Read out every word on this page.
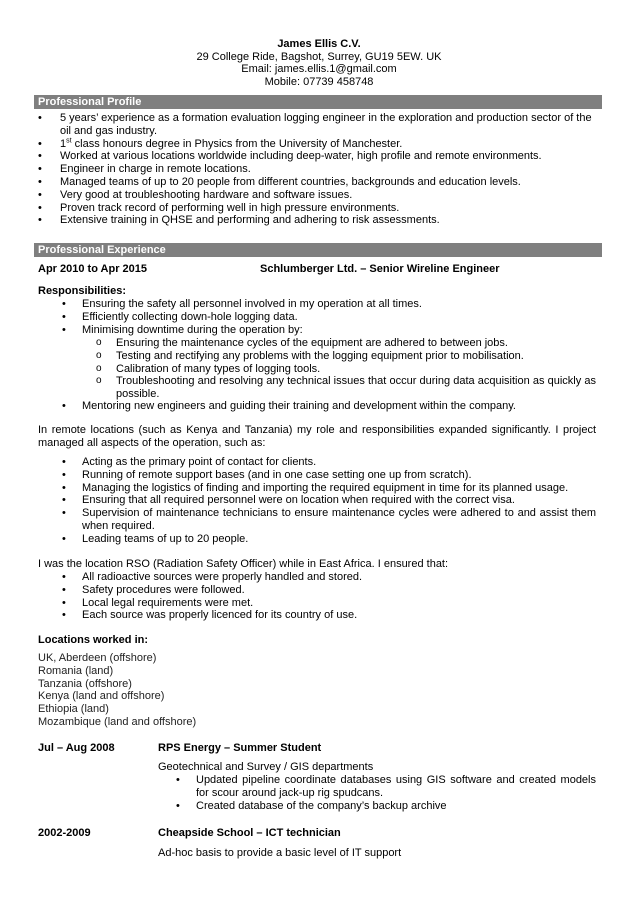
James Ellis C.V.
29 College Ride, Bagshot, Surrey, GU19 5EW. UK
Email: james.ellis.1@gmail.com
Mobile: 07739 458748
Professional Profile
• 5 years’ experience as a formation evaluation logging engineer in the exploration and production sector of the oil and gas industry.
• 1st class honours degree in Physics from the University of Manchester.
• Worked at various locations worldwide including deep-water, high profile and remote environments.
• Engineer in charge in remote locations.
• Managed teams of up to 20 people from different countries, backgrounds and education levels.
• Very good at troubleshooting hardware and software issues.
• Proven track record of performing well in high pressure environments.
• Extensive training in QHSE and performing and adhering to risk assessments.
Professional Experience
Apr 2010 to Apr 2015	Schlumberger Ltd. – Senior Wireline Engineer
Responsibilities:
• Ensuring the safety all personnel involved in my operation at all times.
• Efficiently collecting down-hole logging data.
• Minimising downtime during the operation by:
o Ensuring the maintenance cycles of the equipment are adhered to between jobs.
o Testing and rectifying any problems with the logging equipment prior to mobilisation.
o Calibration of many types of logging tools.
o Troubleshooting and resolving any technical issues that occur during data acquisition as quickly as possible.
• Mentoring new engineers and guiding their training and development within the company.
In remote locations (such as Kenya and Tanzania) my role and responsibilities expanded significantly. I project managed all aspects of the operation, such as:
• Acting as the primary point of contact for clients.
• Running of remote support bases (and in one case setting one up from scratch).
• Managing the logistics of finding and importing the required equipment in time for its planned usage.
• Ensuring that all required personnel were on location when required with the correct visa.
• Supervision of maintenance technicians to ensure maintenance cycles were adhered to and assist them when required.
• Leading teams of up to 20 people.
I was the location RSO (Radiation Safety Officer) while in East Africa. I ensured that:
• All radioactive sources were properly handled and stored.
• Safety procedures were followed.
• Local legal requirements were met.
• Each source was properly licenced for its country of use.
Locations worked in:
UK, Aberdeen (offshore)
Romania (land)
Tanzania (offshore)
Kenya (land and offshore)
Ethiopia (land)
Mozambique (land and offshore)
Jul – Aug 2008	RPS Energy – Summer Student
Geotechnical and Survey / GIS departments
• Updated pipeline coordinate databases using GIS software and created models for scour around jack-up rig spudcans.
• Created database of the company’s backup archive
2002-2009	Cheapside School – ICT technician
Ad-hoc basis to provide a basic level of IT support
